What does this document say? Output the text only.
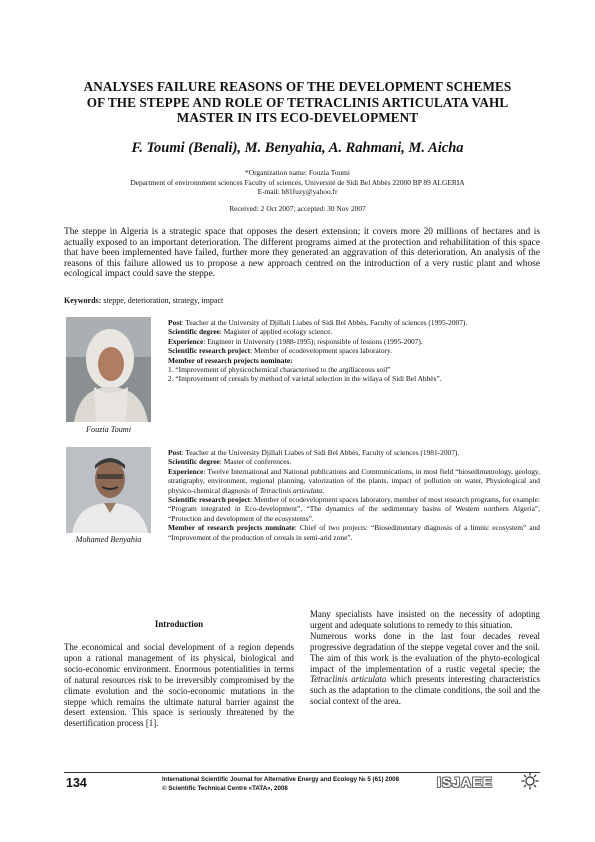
ANALYSES FAILURE REASONS OF THE DEVELOPMENT SCHEMES
OF THE STEPPE AND ROLE OF TETRACLINIS ARTICULATA VAHL
MASTER IN ITS ECO-DEVELOPMENT
F. Toumi (Benali), M. Benyahia, A. Rahmani, M. Aicha
*Organization name: Fouzia Toumi
Department of environnment sciences Faculty of sciences, Université de Sidi Bel Abbès 22000 BP 89 ALGERIA
E-mail: b81fuzy@yahoo.fr
Received: 2 Oct 2007; accepted: 30 Nov 2007
The steppe in Algeria is a strategic space that opposes the desert extension; it covers more 20 millions of hectares and is actually exposed to an important deterioration. The different programs aimed at the protection and rehabilitation of this space that have been implemented have failed, further more they generated an aggravation of this deterioration. An analysis of the reasons of this failure allowed us to propose a new approach centred on the introduction of a very rustic plant and whose ecological impact could save the steppe.
Keywords: steppe, deterioration, strategy, impact
Fouzia Toumi

Post: Teacher at the University of Djillali Liabes of Sidi Bel Abbès, Faculty of sciences (1995-2007).

Scientific degree: Magister of applied ecology science.

Experience: Engineer in University (1988-1995); responsible of lessons (1995-2007).

Scientific research project: Member of ecodevelopment spaces laboratory.

Member of research projects nominate:

1. “Improvement of physicochemical characterised to the argillaceous soil”

2. “Improvement of cereals by method of varietal selection in the wilaya of Sidi Bel Abbès”.

Mohamed Benyahia

Post: Teacher at the University Djillali Liabes of Sidi Bel Abbès, Faculty of sciences (1981-2007).

Scientific degree: Master of conferences.

Experience: Twelve International and National publications and Communications, in most field “biosedimentology, geology, stratigraphy, environment, regional planning, valorization of the plants, impact of pollution on water, Physiological and physico-chemical diagnosis of Tetraclinis articulata.

Scientific research project: Member of ecodevelopment spaces laboratory, member of most research programs, for example: “Program integrated in Eco-development”, “The dynamics of the sedimentary basins of Western northern Algeria”, “Protection and development of the ecosystems”.

Member of research projects nominate: Chief of two projects: “Biosedimentary diagnosis of a limnic ecosystem” and “Improvement of the production of cereals in semi-arid zone”.

Introduction

The economical and social development of a region depends upon a rational management of its physical, biological and socio-economic environment. Enormous potentialities in terms of natural resources risk to be irreversibly compromised by the climate evolution and the socio-economic mutations in the steppe which remains the ultimate natural barrier against the desert extension. This space is seriously threatened by the desertification process [1].

Many specialists have insisted on the necessity of adopting urgent and adequate solutions to remedy to this situation.

Numerous works done in the last four decades reveal progressive degradation of the steppe vegetal cover and the soil. The aim of this work is the evaluation of the phyto-ecological impact of the implementation of a rustic vegetal specie; the Tetraclinis articulata which presents interesting characteristics such as the adaptation to the climate conditions, the soil and the social context of the area.

134	International Scientific Journal for Alternative Energy and Ecology № 5 (61) 2008
© Scientific Technical Centre «TATA», 2008	ISJAEE
